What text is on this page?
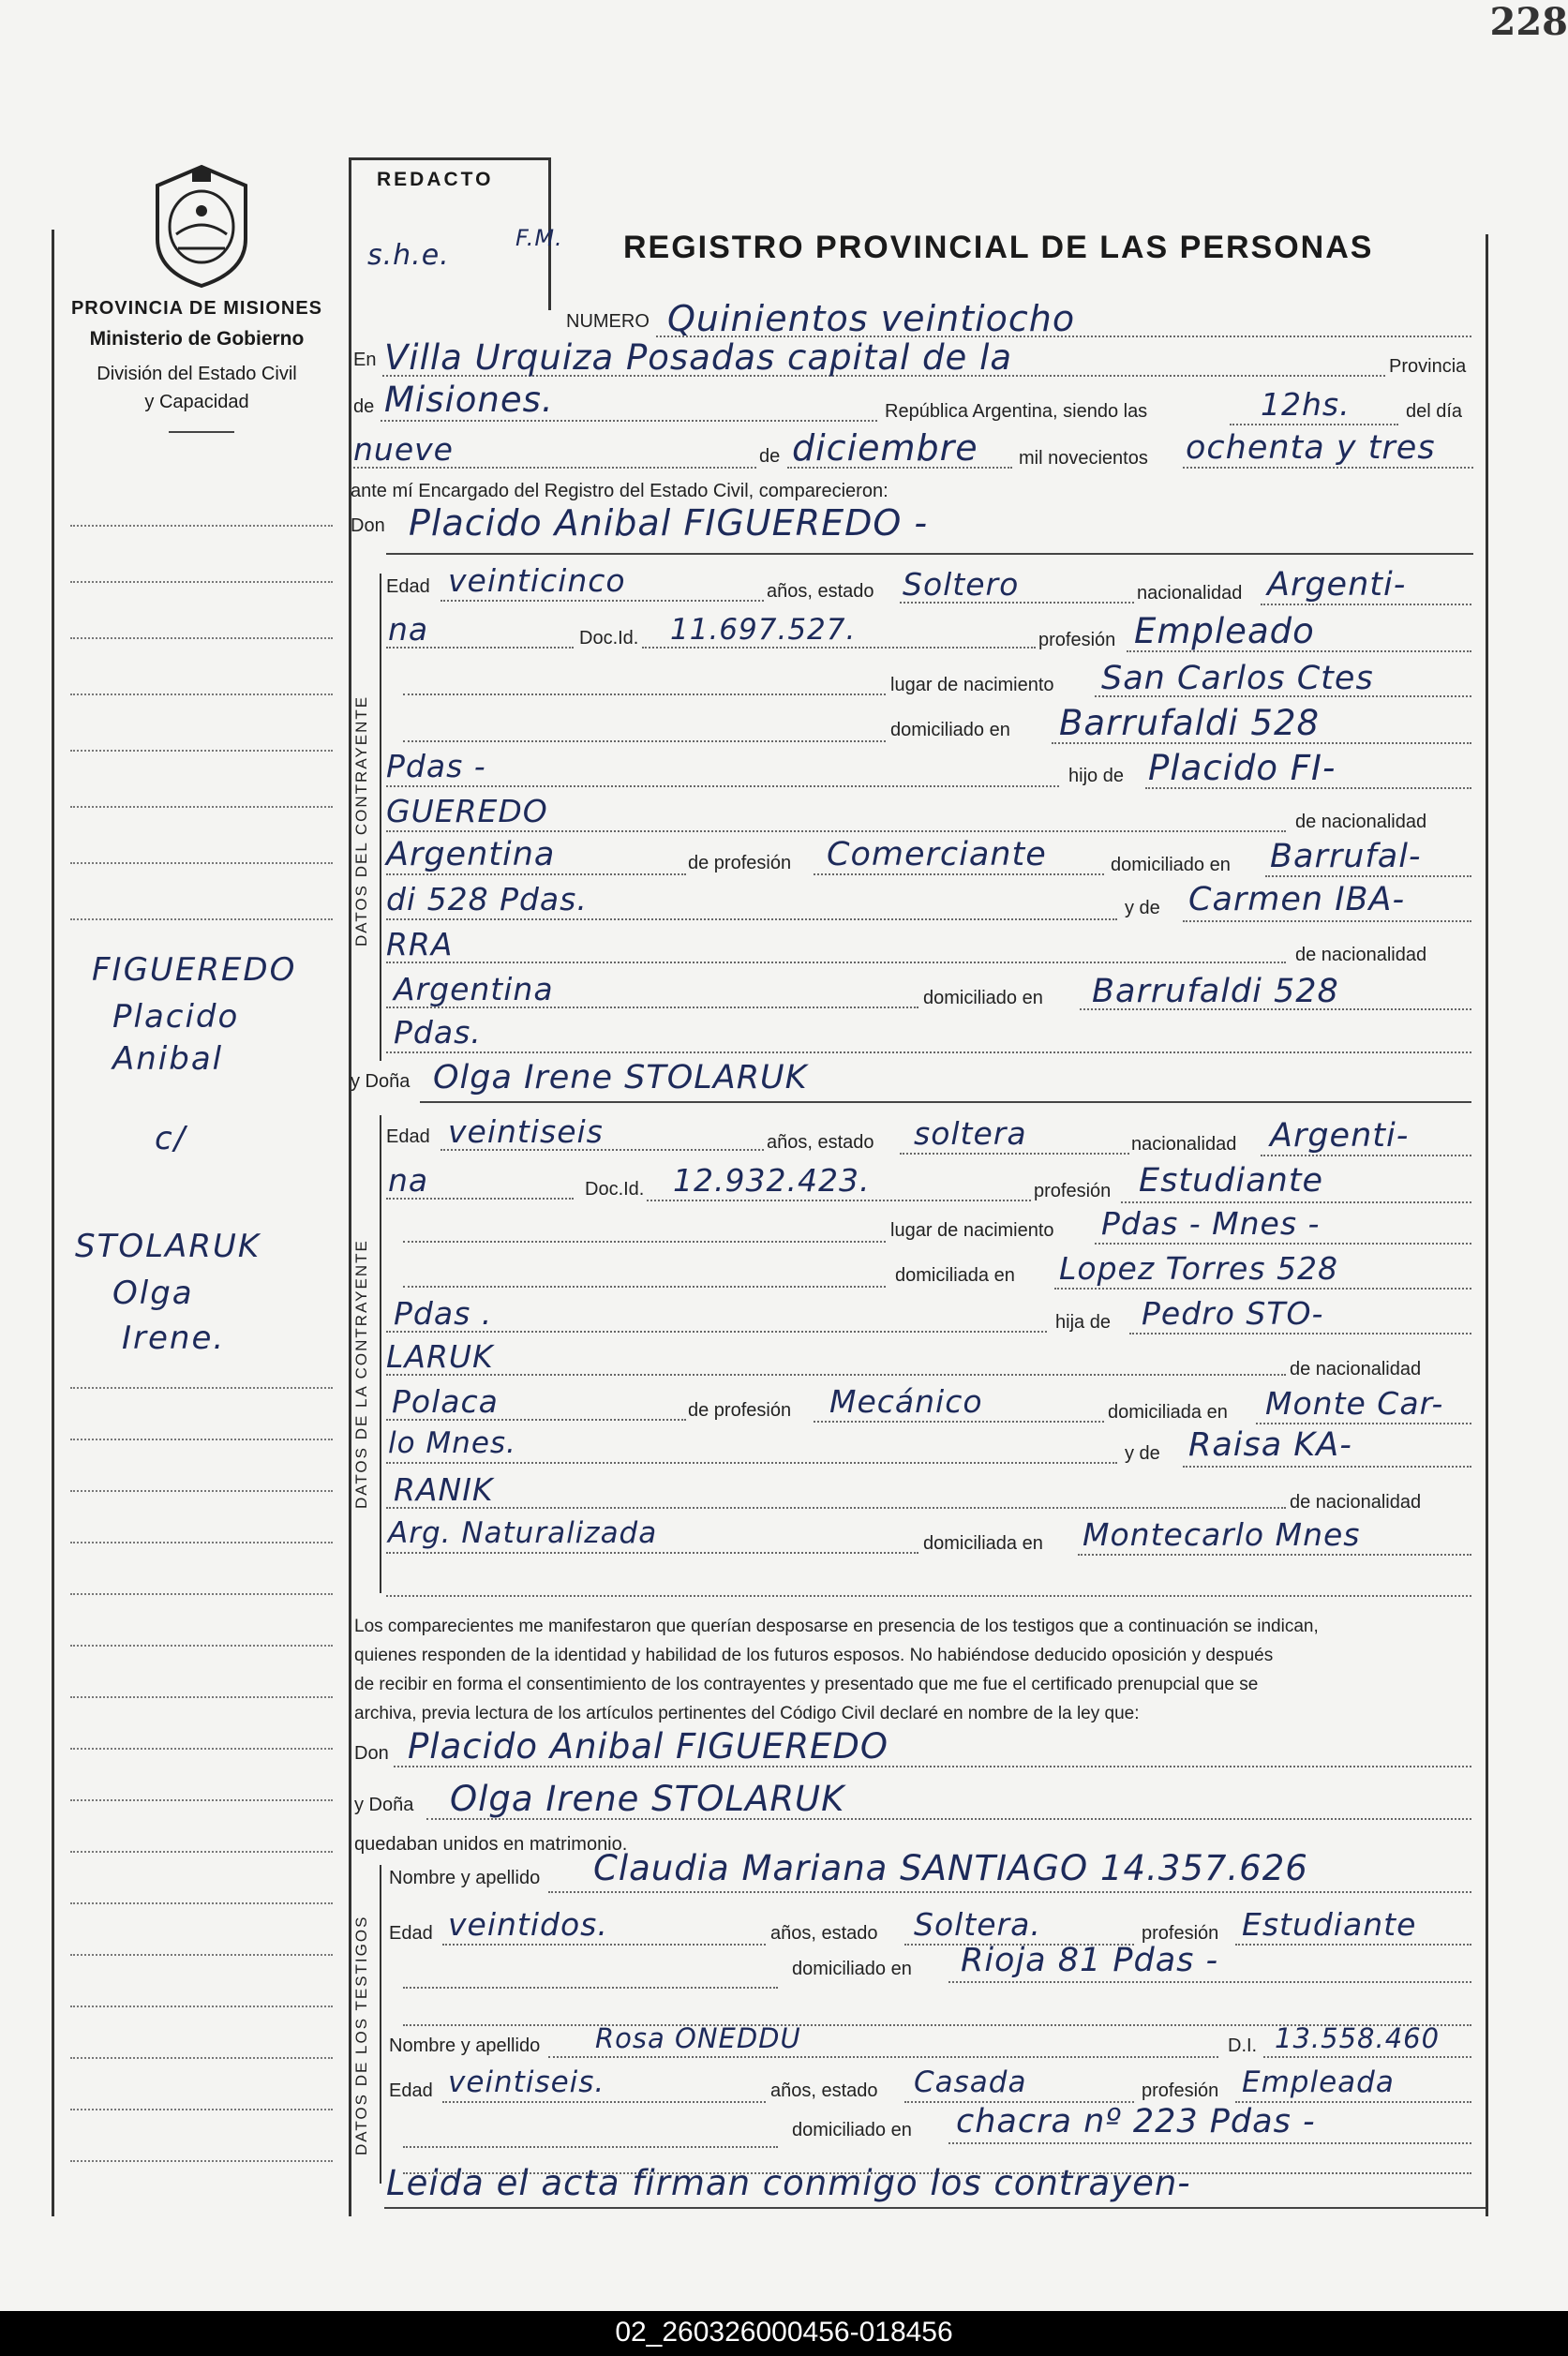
228
PROVINCIA DE MISIONES
Ministerio de Gobierno
División del Estado Civil
y Capacidad
REDACTO
s.h.e.
F.M. REGISTRO PROVINCIAL DE LAS PERSONAS
NUMERO Quinientos veintiocho
En Villa Urquiza Posadas capital de la	Provincia
de Misiones.	República Argentina, siendo las	12hs.	del día
nueve	de diciembre mil novecientos ochenta y tres
ante mí Encargado del Registro del Estado Civil, comparecieron:
Don Placido Anibal FIGUEREDO -
DATOS DEL CONTRAYENTE
Edad veinticinco	años, estado Soltero	nacionalidad Argenti-
na	Doc.Id. 11.697.527.	profesión Empleado
lugar de nacimiento San Carlos Ctes
domiciliado en Barrufaldi 528
Pdas -	hijo de Placido FI-
GUEREDO	de nacionalidad
Argentina	de profesión Comerciante	domiciliado en Barrufal-
di 528 Pdas.	y de Carmen IBA-
RRA	de nacionalidad
Argentina	domiciliado en Barrufaldi 528
Pdas.
FIGUEREDO
Placido
Anibal
c/
STOLARUK
Olga
Irene.
y Doña Olga Irene STOLARUK
DATOS DE LA CONTRAYENTE
Edad veintiseis	años, estado soltera	nacionalidad Argenti-
na	Doc.Id. 12.932.423.	profesión Estudiante
lugar de nacimiento Pdas - Mnes -
domiciliada en Lopez Torres 528
Pdas .	hija de Pedro STO-
LARUK	de nacionalidad
Polaca	de profesión Mecánico	domiciliada en Monte Car-
lo Mnes.	y de Raisa KA-
RANIK	de nacionalidad
Arg. Naturalizada	domiciliada en Montecarlo Mnes
Los comparecientes me manifestaron que querían desposarse en presencia de los testigos que a continuación se indican,
quienes responden de la identidad y habilidad de los futuros esposos. No habiéndose deducido oposición y después
de recibir en forma el consentimiento de los contrayentes y presentado que me fue el certificado prenupcial que se
archiva, previa lectura de los artículos pertinentes del Código Civil declaré en nombre de la ley que:
Don Placido Anibal FIGUEREDO
y Doña Olga Irene STOLARUK
quedaban unidos en matrimonio.
DATOS DE LOS TESTIGOS
Nombre y apellido Claudia Mariana SANTIAGO 14.357.626
Edad veintidos.	años, estado Soltera.	profesión Estudiante
domiciliado en Rioja 81 Pdas -
Nombre y apellido Rosa ONEDDU	D.I. 13.558.460
Edad veintiseis.	años, estado Casada	profesión Empleada
domiciliado en chacra nº 223 Pdas -
Leida el acta firman conmigo los contrayen-
02_260326000456-018456
